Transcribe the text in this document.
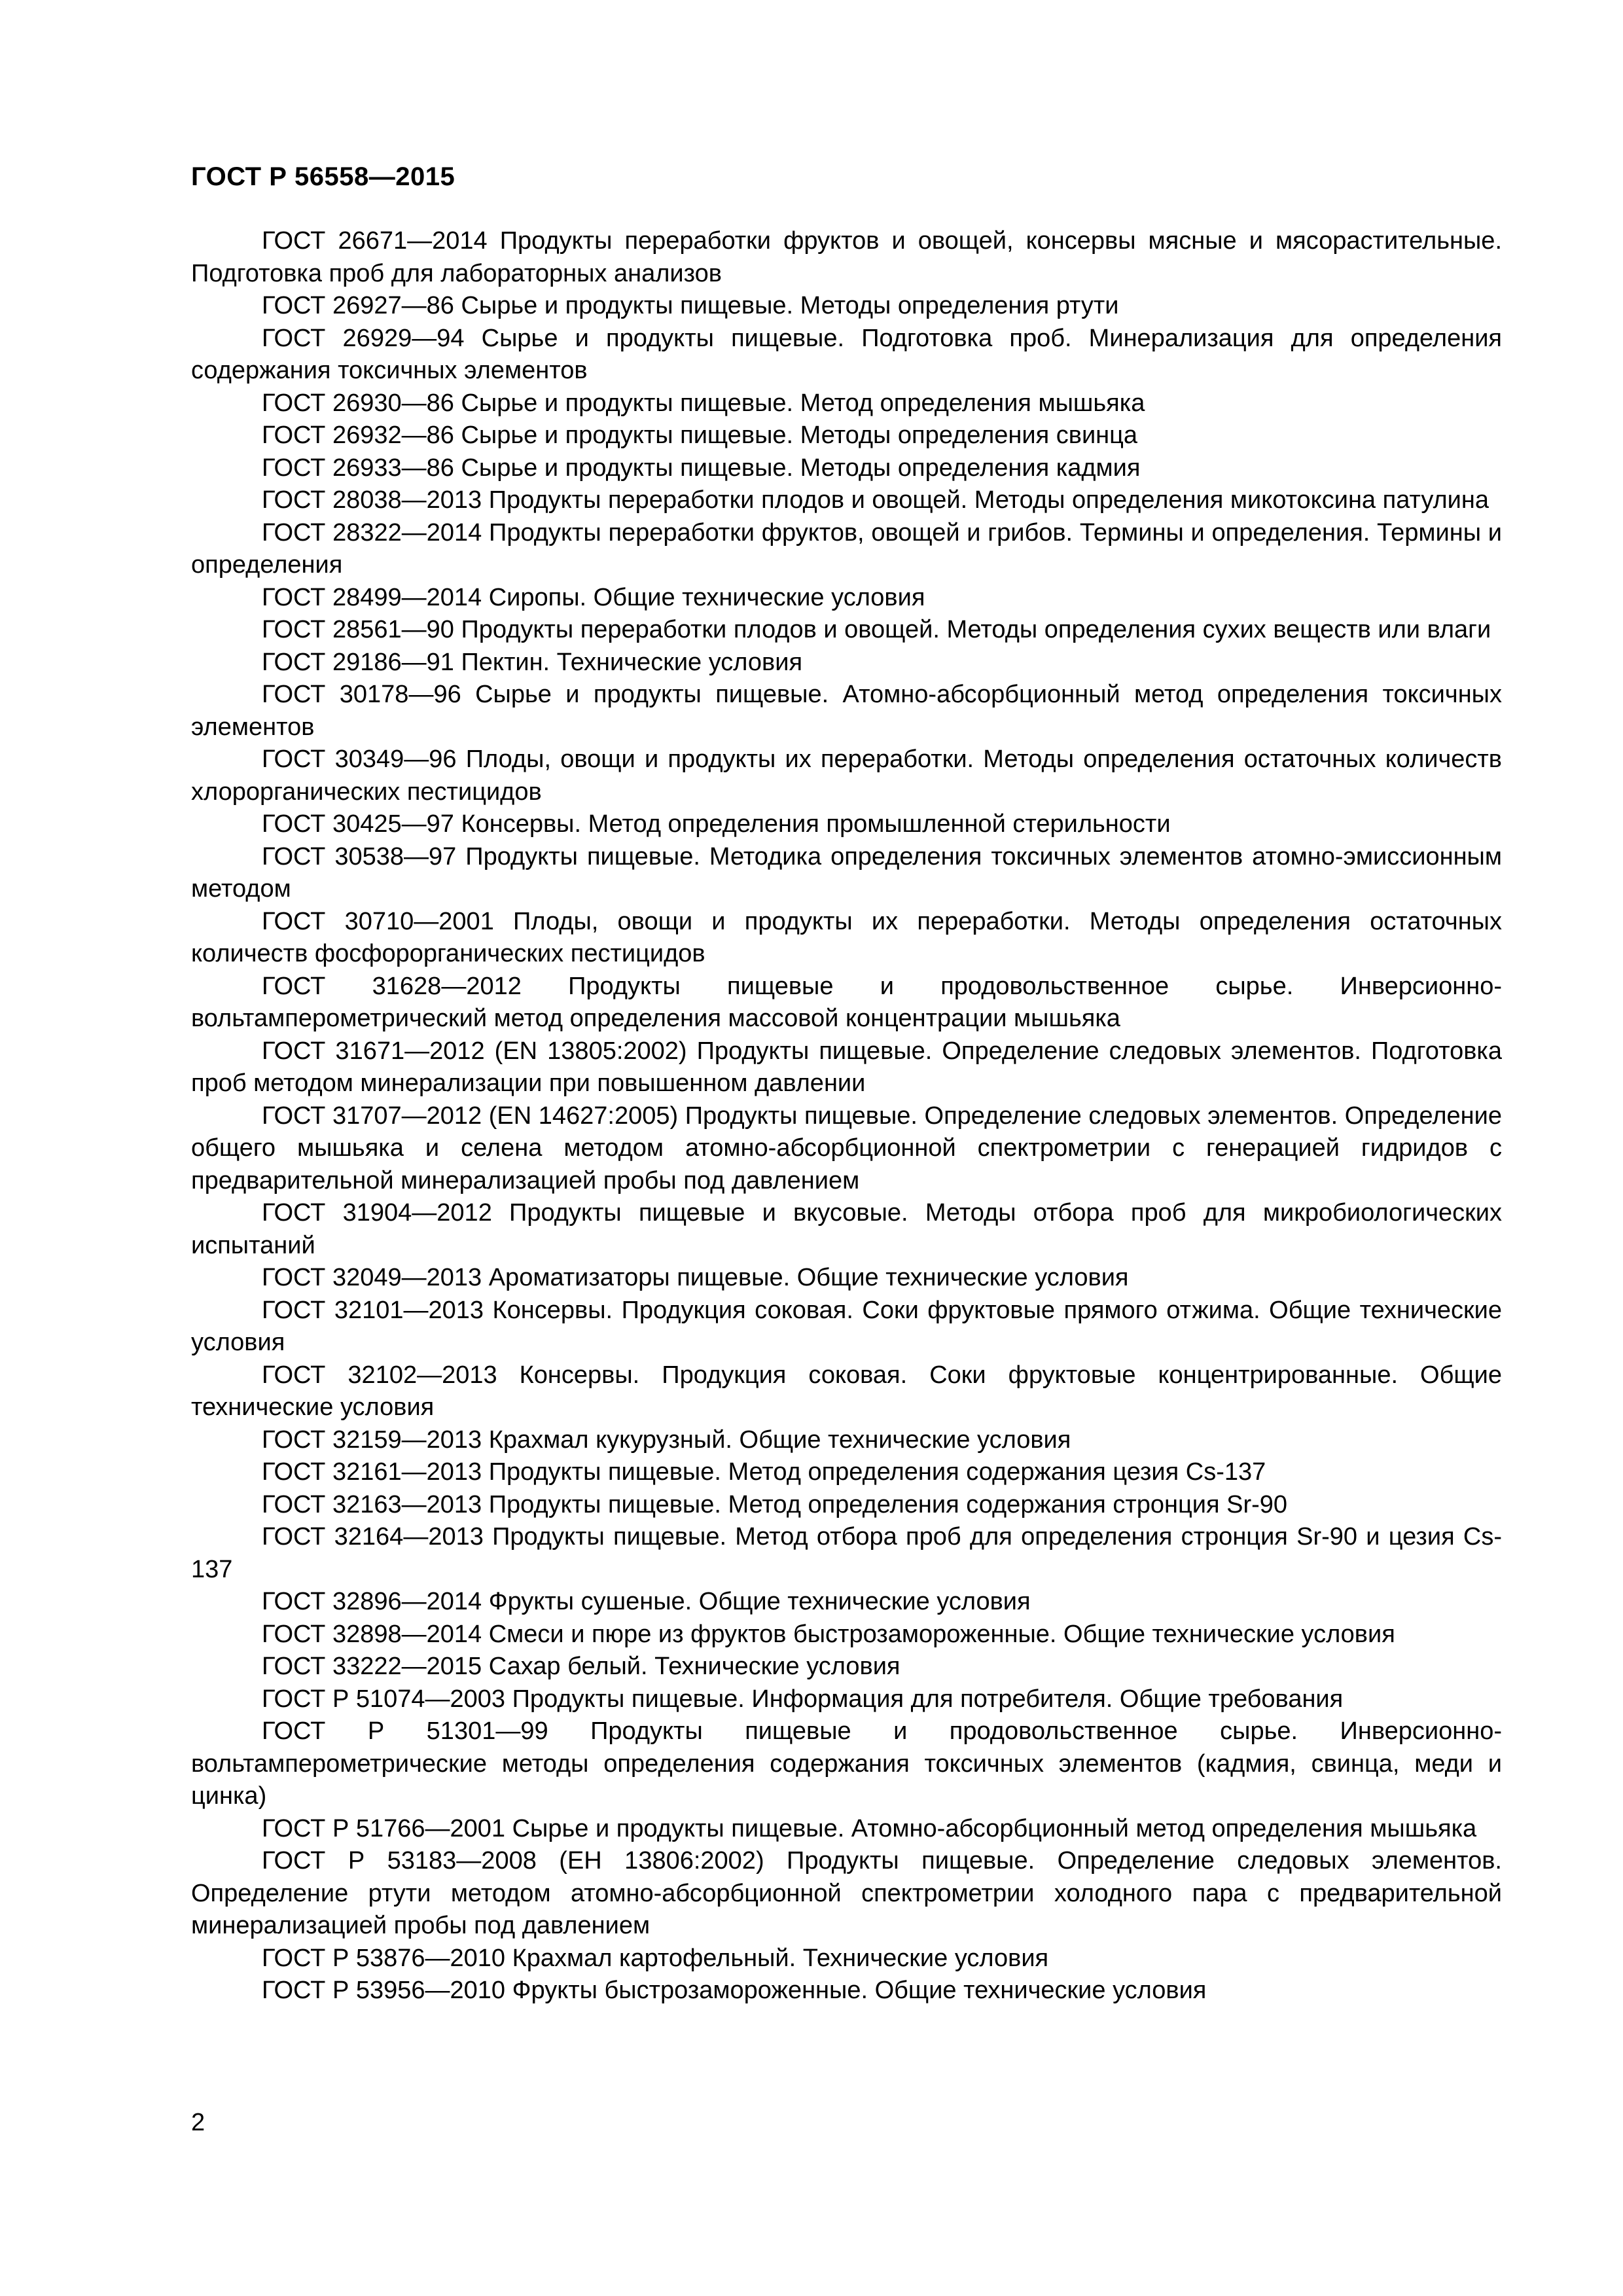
ГОСТ Р 56558—2015

ГОСТ 26671—2014 Продукты переработки фруктов и овощей, консервы мясные и мясорастительные. Подготовка проб для лабораторных анализов

ГОСТ 26927—86 Сырье и продукты пищевые. Методы определения ртути

ГОСТ 26929—94 Сырье и продукты пищевые. Подготовка проб. Минерализация для определения содержания токсичных элементов

ГОСТ 26930—86 Сырье и продукты пищевые. Метод определения мышьяка

ГОСТ 26932—86 Сырье и продукты пищевые. Методы определения свинца

ГОСТ 26933—86 Сырье и продукты пищевые. Методы определения кадмия

ГОСТ 28038—2013 Продукты переработки плодов и овощей. Методы определения микотоксина патулина

ГОСТ 28322—2014 Продукты переработки фруктов, овощей и грибов. Термины и определения. Термины и определения

ГОСТ 28499—2014 Сиропы. Общие технические условия

ГОСТ 28561—90 Продукты переработки плодов и овощей. Методы определения сухих веществ или влаги

ГОСТ 29186—91 Пектин. Технические условия

ГОСТ 30178—96 Сырье и продукты пищевые. Атомно-абсорбционный метод определения токсичных элементов

ГОСТ 30349—96 Плоды, овощи и продукты их переработки. Методы определения остаточных количеств хлорорганических пестицидов

ГОСТ 30425—97 Консервы. Метод определения промышленной стерильности

ГОСТ 30538—97 Продукты пищевые. Методика определения токсичных элементов атомно-эмиссионным методом

ГОСТ 30710—2001 Плоды, овощи и продукты их переработки. Методы определения остаточных количеств фосфорорганических пестицидов

ГОСТ 31628—2012 Продукты пищевые и продовольственное сырье. Инверсионно-вольтамперометрический метод определения массовой концентрации мышьяка

ГОСТ 31671—2012 (EN 13805:2002) Продукты пищевые. Определение следовых элементов. Подготовка проб методом минерализации при повышенном давлении

ГОСТ 31707—2012 (EN 14627:2005) Продукты пищевые. Определение следовых элементов. Определение общего мышьяка и селена методом атомно-абсорбционной спектрометрии с генерацией гидридов с предварительной минерализацией пробы под давлением

ГОСТ 31904—2012 Продукты пищевые и вкусовые. Методы отбора проб для микробиологических испытаний

ГОСТ 32049—2013 Ароматизаторы пищевые. Общие технические условия

ГОСТ 32101—2013 Консервы. Продукция соковая. Соки фруктовые прямого отжима. Общие технические условия

ГОСТ 32102—2013 Консервы. Продукция соковая. Соки фруктовые концентрированные. Общие технические условия

ГОСТ 32159—2013 Крахмал кукурузный. Общие технические условия

ГОСТ 32161—2013 Продукты пищевые. Метод определения содержания цезия Cs-137

ГОСТ 32163—2013 Продукты пищевые. Метод определения содержания стронция Sr-90

ГОСТ 32164—2013 Продукты пищевые. Метод отбора проб для определения стронция Sr-90 и цезия Cs-137

ГОСТ 32896—2014 Фрукты сушеные. Общие технические условия

ГОСТ 32898—2014 Смеси и пюре из фруктов быстрозамороженные. Общие технические условия

ГОСТ 33222—2015 Сахар белый. Технические условия

ГОСТ Р 51074—2003 Продукты пищевые. Информация для потребителя. Общие требования

ГОСТ Р 51301—99 Продукты пищевые и продовольственное сырье. Инверсионно-вольтамперометрические методы определения содержания токсичных элементов (кадмия, свинца, меди и цинка)

ГОСТ Р 51766—2001 Сырье и продукты пищевые. Атомно-абсорбционный метод определения мышьяка

ГОСТ Р 53183—2008 (ЕН 13806:2002) Продукты пищевые. Определение следовых элементов. Определение ртути методом атомно-абсорбционной спектрометрии холодного пара с предварительной минерализацией пробы под давлением

ГОСТ Р 53876—2010 Крахмал картофельный. Технические условия

ГОСТ Р 53956—2010 Фрукты быстрозамороженные. Общие технические условия

2
